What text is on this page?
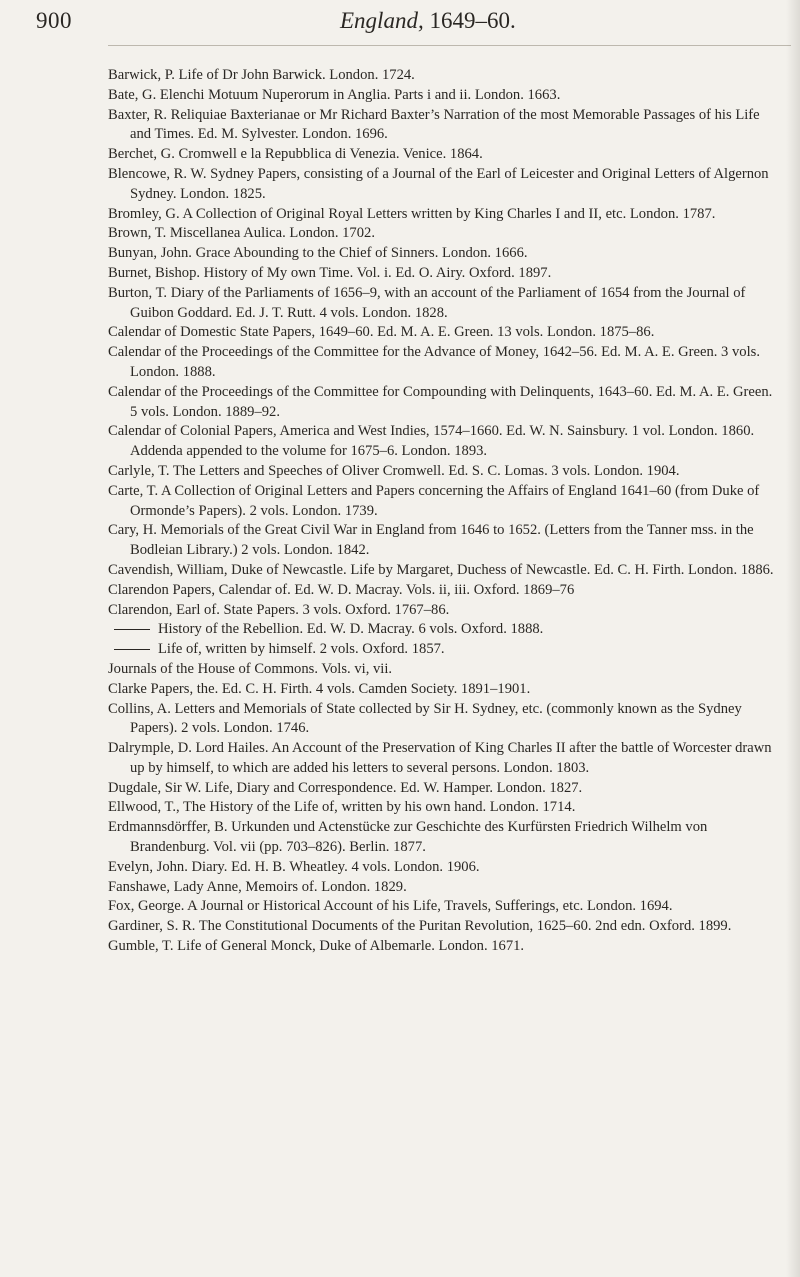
900	England, 1649–60.

Barwick, P. Life of Dr John Barwick. London. 1724.

Bate, G. Elenchi Motuum Nuperorum in Anglia. Parts i and ii. London. 1663.

Baxter, R. Reliquiae Baxterianae or Mr Richard Baxter’s Narration of the most Memorable Passages of his Life and Times. Ed. M. Sylvester. London. 1696.

Berchet, G. Cromwell e la Repubblica di Venezia. Venice. 1864.

Blencowe, R. W. Sydney Papers, consisting of a Journal of the Earl of Leicester and Original Letters of Algernon Sydney. London. 1825.

Bromley, G. A Collection of Original Royal Letters written by King Charles I and II, etc. London. 1787.

Brown, T. Miscellanea Aulica. London. 1702.

Bunyan, John. Grace Abounding to the Chief of Sinners. London. 1666.

Burnet, Bishop. History of My own Time. Vol. i. Ed. O. Airy. Oxford. 1897.

Burton, T. Diary of the Parliaments of 1656–9, with an account of the Parliament of 1654 from the Journal of Guibon Goddard. Ed. J. T. Rutt. 4 vols. London. 1828.

Calendar of Domestic State Papers, 1649–60. Ed. M. A. E. Green. 13 vols. London. 1875–86.

Calendar of the Proceedings of the Committee for the Advance of Money, 1642–56. Ed. M. A. E. Green. 3 vols. London. 1888.

Calendar of the Proceedings of the Committee for Compounding with Delinquents, 1643–60. Ed. M. A. E. Green. 5 vols. London. 1889–92.

Calendar of Colonial Papers, America and West Indies, 1574–1660. Ed. W. N. Sainsbury. 1 vol. London. 1860. Addenda appended to the volume for 1675–6. London. 1893.

Carlyle, T. The Letters and Speeches of Oliver Cromwell. Ed. S. C. Lomas. 3 vols. London. 1904.

Carte, T. A Collection of Original Letters and Papers concerning the Affairs of England 1641–60 (from Duke of Ormonde’s Papers). 2 vols. London. 1739.

Cary, H. Memorials of the Great Civil War in England from 1646 to 1652. (Letters from the Tanner mss. in the Bodleian Library.) 2 vols. London. 1842.

Cavendish, William, Duke of Newcastle. Life by Margaret, Duchess of Newcastle. Ed. C. H. Firth. London. 1886.

Clarendon Papers, Calendar of. Ed. W. D. Macray. Vols. ii, iii. Oxford. 1869–76

Clarendon, Earl of. State Papers. 3 vols. Oxford. 1767–86.

History of the Rebellion. Ed. W. D. Macray. 6 vols. Oxford. 1888.

Life of, written by himself. 2 vols. Oxford. 1857.

Journals of the House of Commons. Vols. vi, vii.

Clarke Papers, the. Ed. C. H. Firth. 4 vols. Camden Society. 1891–1901.

Collins, A. Letters and Memorials of State collected by Sir H. Sydney, etc. (commonly known as the Sydney Papers). 2 vols. London. 1746.

Dalrymple, D. Lord Hailes. An Account of the Preservation of King Charles II after the battle of Worcester drawn up by himself, to which are added his letters to several persons. London. 1803.

Dugdale, Sir W. Life, Diary and Correspondence. Ed. W. Hamper. London. 1827.

Ellwood, T., The History of the Life of, written by his own hand. London. 1714.

Erdmannsdörffer, B. Urkunden und Actenstücke zur Geschichte des Kurfürsten Friedrich Wilhelm von Brandenburg. Vol. vii (pp. 703–826). Berlin. 1877.

Evelyn, John. Diary. Ed. H. B. Wheatley. 4 vols. London. 1906.

Fanshawe, Lady Anne, Memoirs of. London. 1829.

Fox, George. A Journal or Historical Account of his Life, Travels, Sufferings, etc. London. 1694.

Gardiner, S. R. The Constitutional Documents of the Puritan Revolution, 1625–60. 2nd edn. Oxford. 1899.

Gumble, T. Life of General Monck, Duke of Albemarle. London. 1671.
